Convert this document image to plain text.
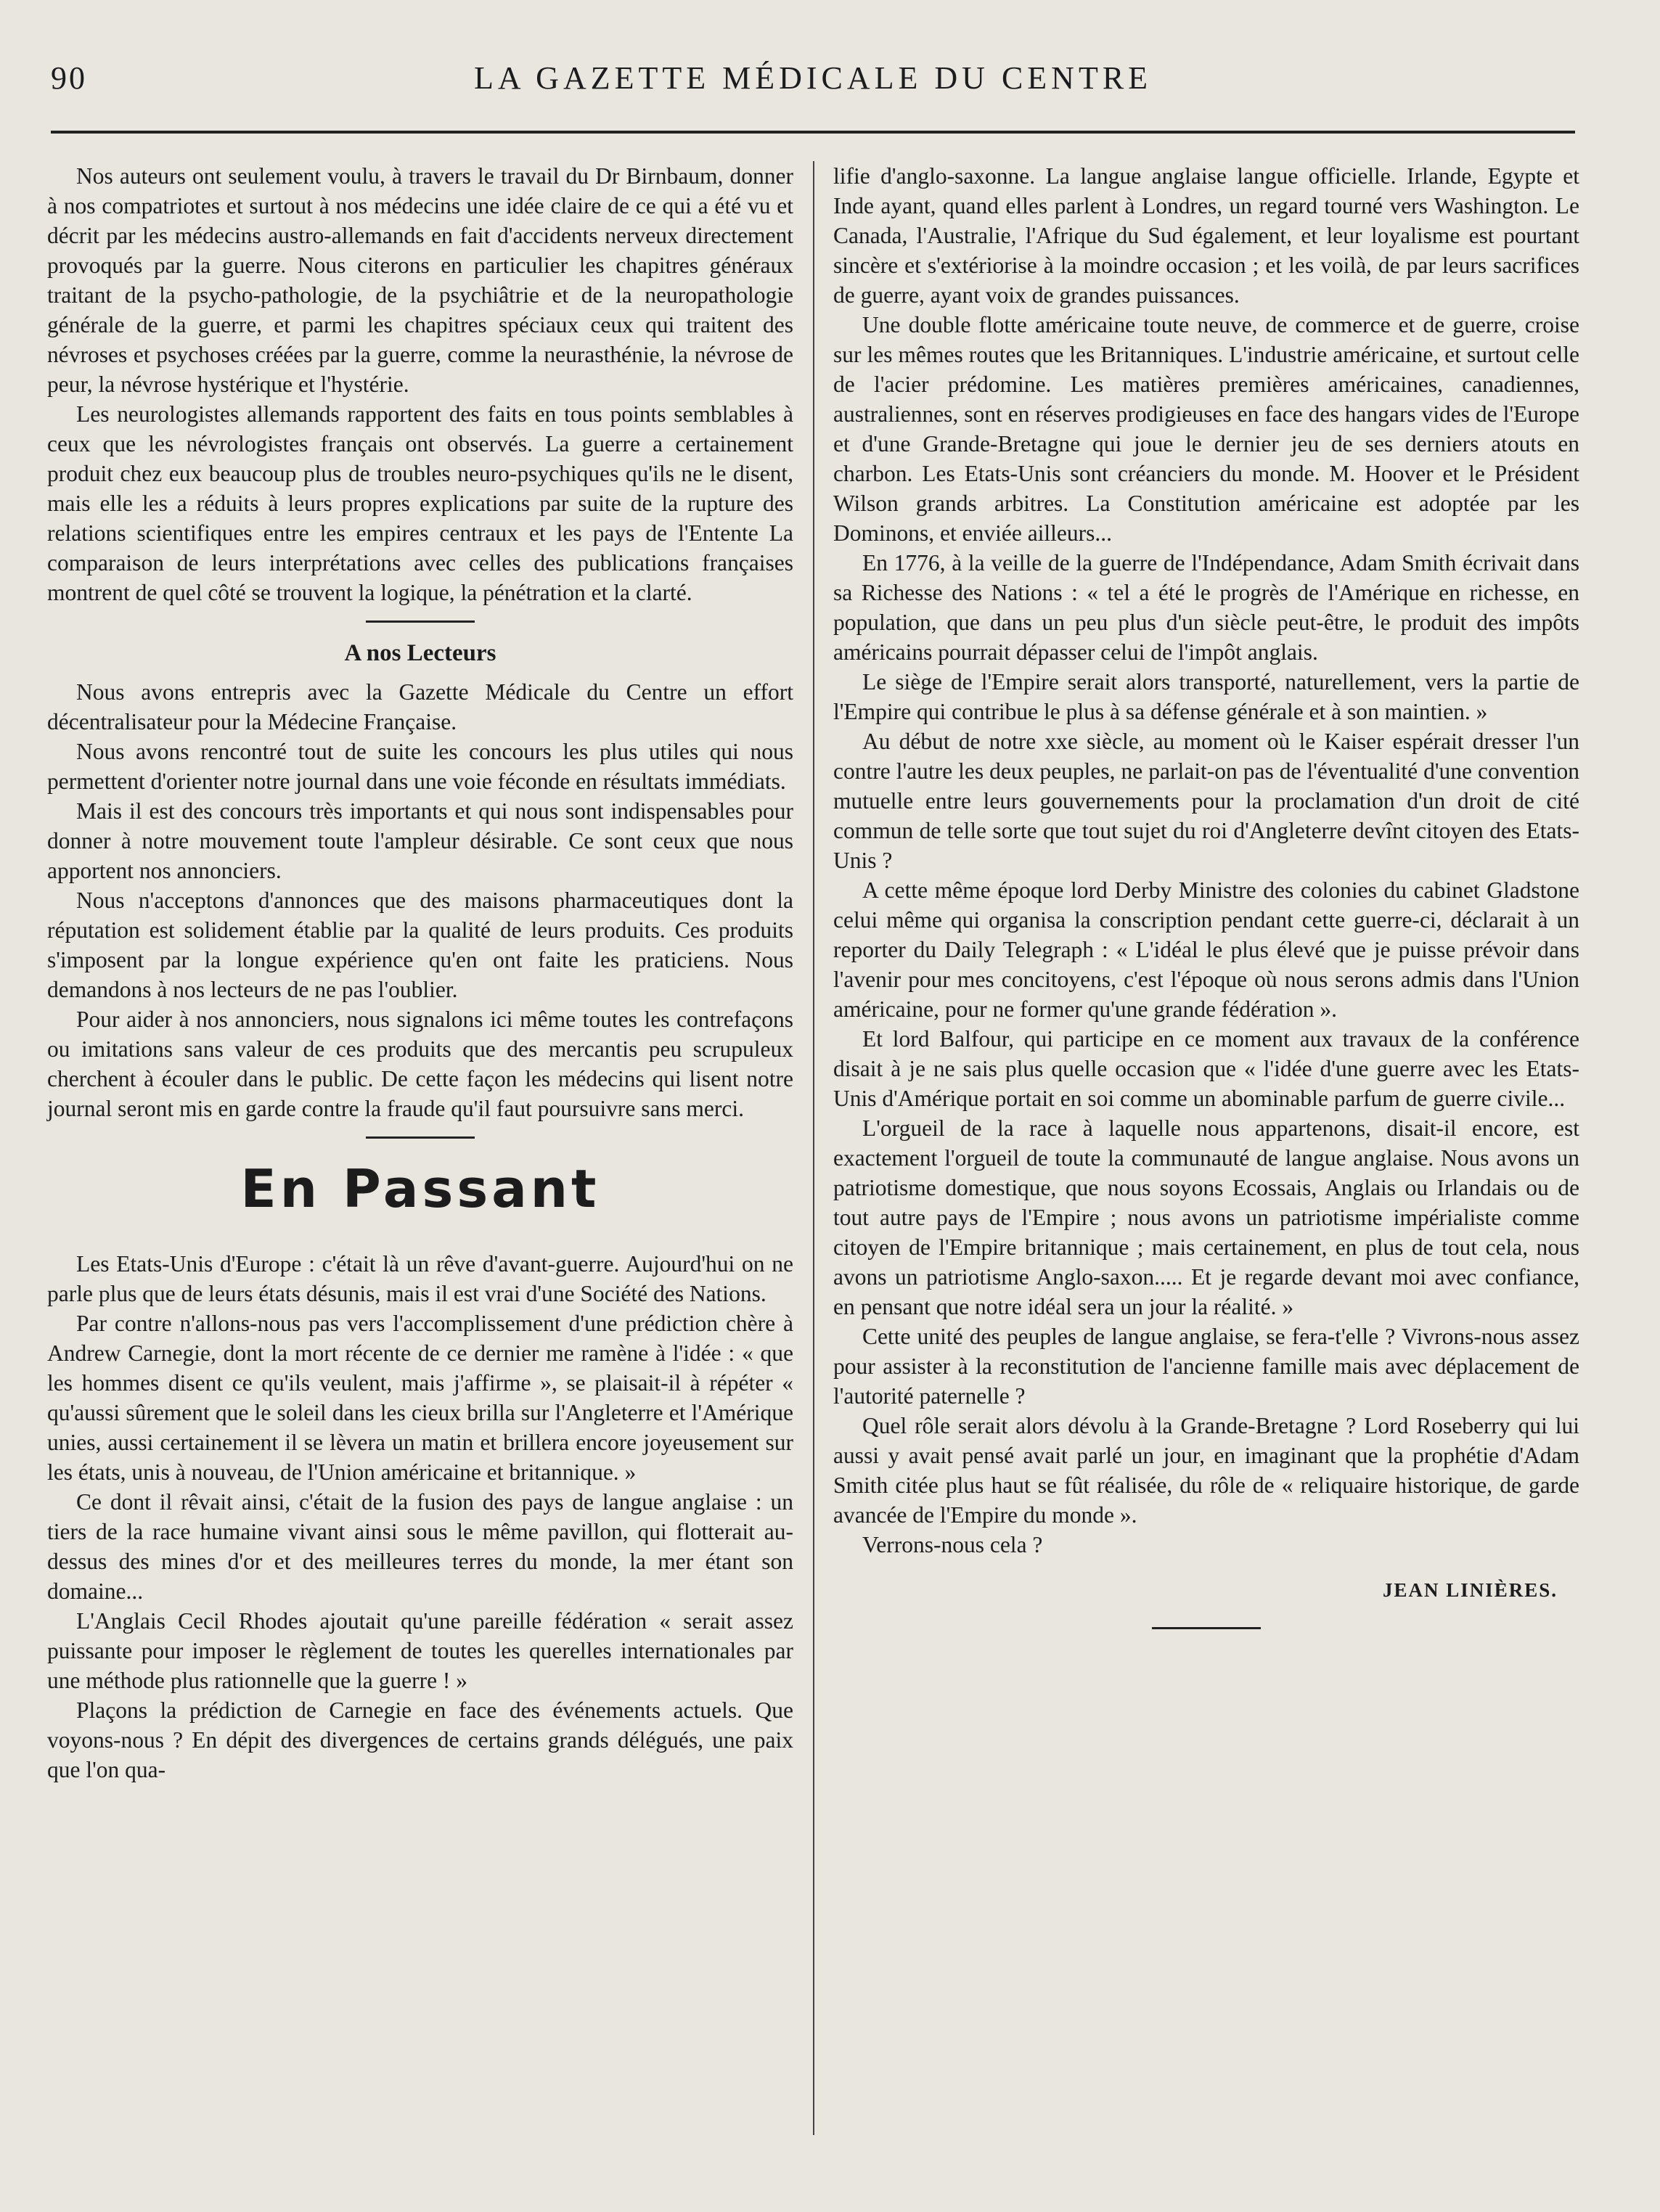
90	LA GAZETTE MÉDICALE DU CENTRE

Nos auteurs ont seulement voulu, à travers le travail du Dr Birnbaum, donner à nos compatriotes et surtout à nos médecins une idée claire de ce qui a été vu et décrit par les médecins austro-allemands en fait d'accidents nerveux directement provoqués par la guerre. Nous citerons en particulier les chapitres généraux traitant de la psycho-pathologie, de la psychiâtrie et de la neuropathologie générale de la guerre, et parmi les chapitres spéciaux ceux qui traitent des névroses et psychoses créées par la guerre, comme la neurasthénie, la névrose de peur, la névrose hystérique et l'hystérie.

Les neurologistes allemands rapportent des faits en tous points semblables à ceux que les névrologistes français ont observés. La guerre a certainement produit chez eux beaucoup plus de troubles neuro-psychiques qu'ils ne le disent, mais elle les a réduits à leurs propres explications par suite de la rupture des relations scientifiques entre les empires centraux et les pays de l'Entente La comparaison de leurs interprétations avec celles des publications françaises montrent de quel côté se trouvent la logique, la pénétration et la clarté.

A nos Lecteurs

Nous avons entrepris avec la Gazette Médicale du Centre un effort décentralisateur pour la Médecine Française.

Nous avons rencontré tout de suite les concours les plus utiles qui nous permettent d'orienter notre journal dans une voie féconde en résultats immédiats.

Mais il est des concours très importants et qui nous sont indispensables pour donner à notre mouvement toute l'ampleur désirable. Ce sont ceux que nous apportent nos annonciers.

Nous n'acceptons d'annonces que des maisons pharmaceutiques dont la réputation est solidement établie par la qualité de leurs produits. Ces produits s'imposent par la longue expérience qu'en ont faite les praticiens. Nous demandons à nos lecteurs de ne pas l'oublier.

Pour aider à nos annonciers, nous signalons ici même toutes les contrefaçons ou imitations sans valeur de ces produits que des mercantis peu scrupuleux cherchent à écouler dans le public. De cette façon les médecins qui lisent notre journal seront mis en garde contre la fraude qu'il faut poursuivre sans merci.

En Passant

Les Etats-Unis d'Europe : c'était là un rêve d'avant-guerre. Aujourd'hui on ne parle plus que de leurs états désunis, mais il est vrai d'une Société des Nations.

Par contre n'allons-nous pas vers l'accomplissement d'une prédiction chère à Andrew Carnegie, dont la mort récente de ce dernier me ramène à l'idée : « que les hommes disent ce qu'ils veulent, mais j'affirme », se plaisait-il à répéter « qu'aussi sûrement que le soleil dans les cieux brilla sur l'Angleterre et l'Amérique unies, aussi certainement il se lèvera un matin et brillera encore joyeusement sur les états, unis à nouveau, de l'Union américaine et britannique. »

Ce dont il rêvait ainsi, c'était de la fusion des pays de langue anglaise : un tiers de la race humaine vivant ainsi sous le même pavillon, qui flotterait au-dessus des mines d'or et des meilleures terres du monde, la mer étant son domaine...

L'Anglais Cecil Rhodes ajoutait qu'une pareille fédération « serait assez puissante pour imposer le règlement de toutes les querelles internationales par une méthode plus rationnelle que la guerre ! »

Plaçons la prédiction de Carnegie en face des événements actuels. Que voyons-nous ? En dépit des divergences de certains grands délégués, une paix que l'on qua-

lifie d'anglo-saxonne. La langue anglaise langue officielle. Irlande, Egypte et Inde ayant, quand elles parlent à Londres, un regard tourné vers Washington. Le Canada, l'Australie, l'Afrique du Sud également, et leur loyalisme est pourtant sincère et s'extériorise à la moindre occasion ; et les voilà, de par leurs sacrifices de guerre, ayant voix de grandes puissances.

Une double flotte américaine toute neuve, de commerce et de guerre, croise sur les mêmes routes que les Britanniques. L'industrie américaine, et surtout celle de l'acier prédomine. Les matières premières américaines, canadiennes, australiennes, sont en réserves prodigieuses en face des hangars vides de l'Europe et d'une Grande-Bretagne qui joue le dernier jeu de ses derniers atouts en charbon. Les Etats-Unis sont créanciers du monde. M. Hoover et le Président Wilson grands arbitres. La Constitution américaine est adoptée par les Dominons, et enviée ailleurs...

En 1776, à la veille de la guerre de l'Indépendance, Adam Smith écrivait dans sa Richesse des Nations : « tel a été le progrès de l'Amérique en richesse, en population, que dans un peu plus d'un siècle peut-être, le produit des impôts américains pourrait dépasser celui de l'impôt anglais.

Le siège de l'Empire serait alors transporté, naturellement, vers la partie de l'Empire qui contribue le plus à sa défense générale et à son maintien. »

Au début de notre xxe siècle, au moment où le Kaiser espérait dresser l'un contre l'autre les deux peuples, ne parlait-on pas de l'éventualité d'une convention mutuelle entre leurs gouvernements pour la proclamation d'un droit de cité commun de telle sorte que tout sujet du roi d'Angleterre devînt citoyen des Etats-Unis ?

A cette même époque lord Derby Ministre des colonies du cabinet Gladstone celui même qui organisa la conscription pendant cette guerre-ci, déclarait à un reporter du Daily Telegraph : « L'idéal le plus élevé que je puisse prévoir dans l'avenir pour mes concitoyens, c'est l'époque où nous serons admis dans l'Union américaine, pour ne former qu'une grande fédération ».

Et lord Balfour, qui participe en ce moment aux travaux de la conférence disait à je ne sais plus quelle occasion que « l'idée d'une guerre avec les Etats-Unis d'Amérique portait en soi comme un abominable parfum de guerre civile...

L'orgueil de la race à laquelle nous appartenons, disait-il encore, est exactement l'orgueil de toute la communauté de langue anglaise. Nous avons un patriotisme domestique, que nous soyons Ecossais, Anglais ou Irlandais ou de tout autre pays de l'Empire ; nous avons un patriotisme impérialiste comme citoyen de l'Empire britannique ; mais certainement, en plus de tout cela, nous avons un patriotisme Anglo-saxon..... Et je regarde devant moi avec confiance, en pensant que notre idéal sera un jour la réalité. »

Cette unité des peuples de langue anglaise, se fera-t'elle ? Vivrons-nous assez pour assister à la reconstitution de l'ancienne famille mais avec déplacement de l'autorité paternelle ?

Quel rôle serait alors dévolu à la Grande-Bretagne ? Lord Roseberry qui lui aussi y avait pensé avait parlé un jour, en imaginant que la prophétie d'Adam Smith citée plus haut se fût réalisée, du rôle de « reliquaire historique, de garde avancée de l'Empire du monde ».

Verrons-nous cela ?

JEAN LINIÈRES.
